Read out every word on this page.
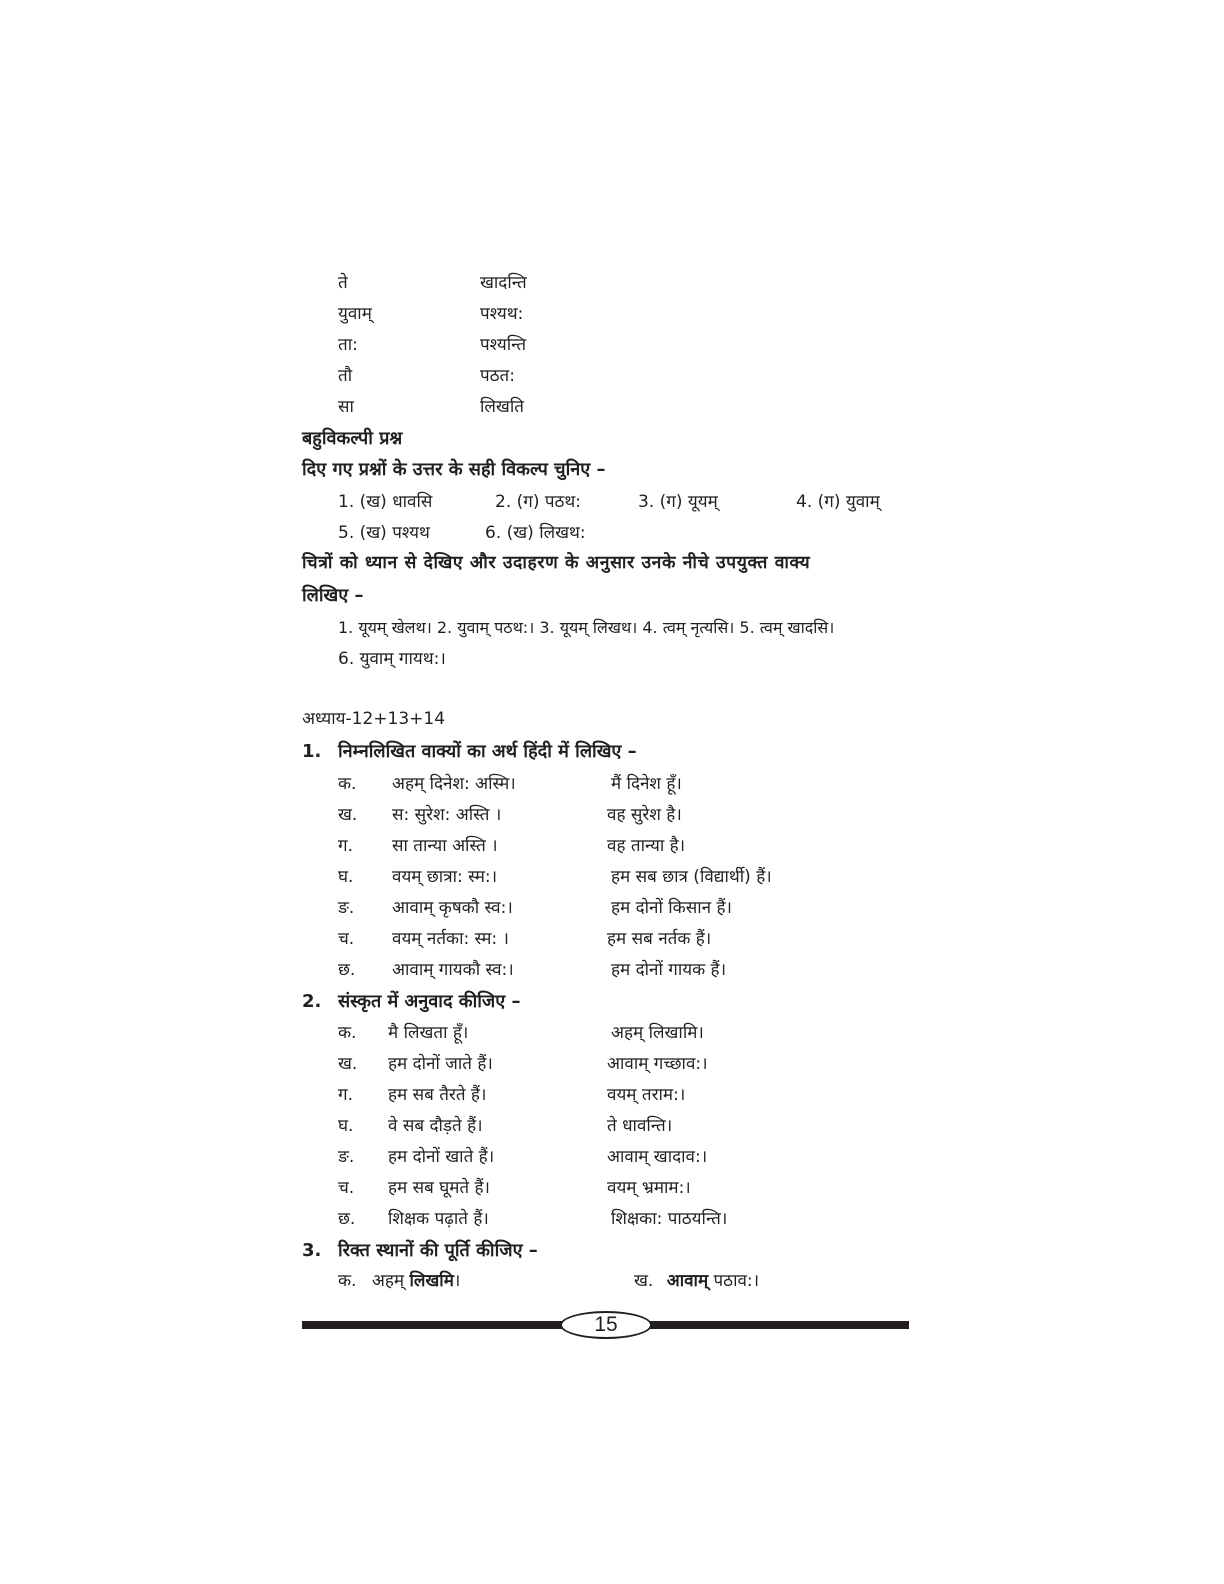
ते	खादन्ति
युवाम्	पश्यथ:
ता:	पश्यन्ति
तौ	पठत:
सा	लिखति
बहुविकल्पी प्रश्न
दिए गए प्रश्नों के उत्तर के सही विकल्प चुनिए –
1. (ख) धावसि	2. (ग) पठथ:	3. (ग) यूयम्	4. (ग) युवाम्
5. (ख) पश्यथ	6. (ख) लिखथ:
चित्रों को ध्यान से देखिए और उदाहरण के अनुसार उनके नीचे उपयुक्त वाक्य
लिखिए –
1. यूयम् खेलथ। 2. युवाम् पठथ:। 3. यूयम् लिखथ। 4. त्वम् नृत्यसि। 5. त्वम् खादसि।
6. युवाम् गायथ:।
अध्याय-12+13+14
1. निम्नलिखित वाक्यों का अर्थ हिंदी में लिखिए –
क. अहम् दिनेश: अस्मि।	मैं दिनेश हूँ।
ख. स: सुरेश: अस्ति ।	वह सुरेश है।
ग. सा तान्या अस्ति ।	वह तान्या है।
घ. वयम् छात्रा: स्म:।	हम सब छात्र (विद्यार्थी) हैं।
ङ. आवाम् कृषकौ स्व:।	हम दोनों किसान हैं।
च. वयम् नर्तका: स्म: ।	हम सब नर्तक हैं।
छ. आवाम् गायकौ स्व:।	हम दोनों गायक हैं।
2. संस्कृत में अनुवाद कीजिए –
क. मै लिखता हूँ।	अहम् लिखामि।
ख. हम दोनों जाते हैं।	आवाम् गच्छाव:।
ग. हम सब तैरते हैं।	वयम् तराम:।
घ. वे सब दौड़ते हैं।	ते धावन्ति।
ङ. हम दोनों खाते हैं।	आवाम् खादाव:।
च. हम सब घूमते हैं।	वयम् भ्रमाम:।
छ. शिक्षक पढ़ाते हैं।	शिक्षका: पाठयन्ति।
3. रिक्त स्थानों की पूर्ति कीजिए –
क. अहम् लिखमि।	ख. आवाम् पठाव:।
15
